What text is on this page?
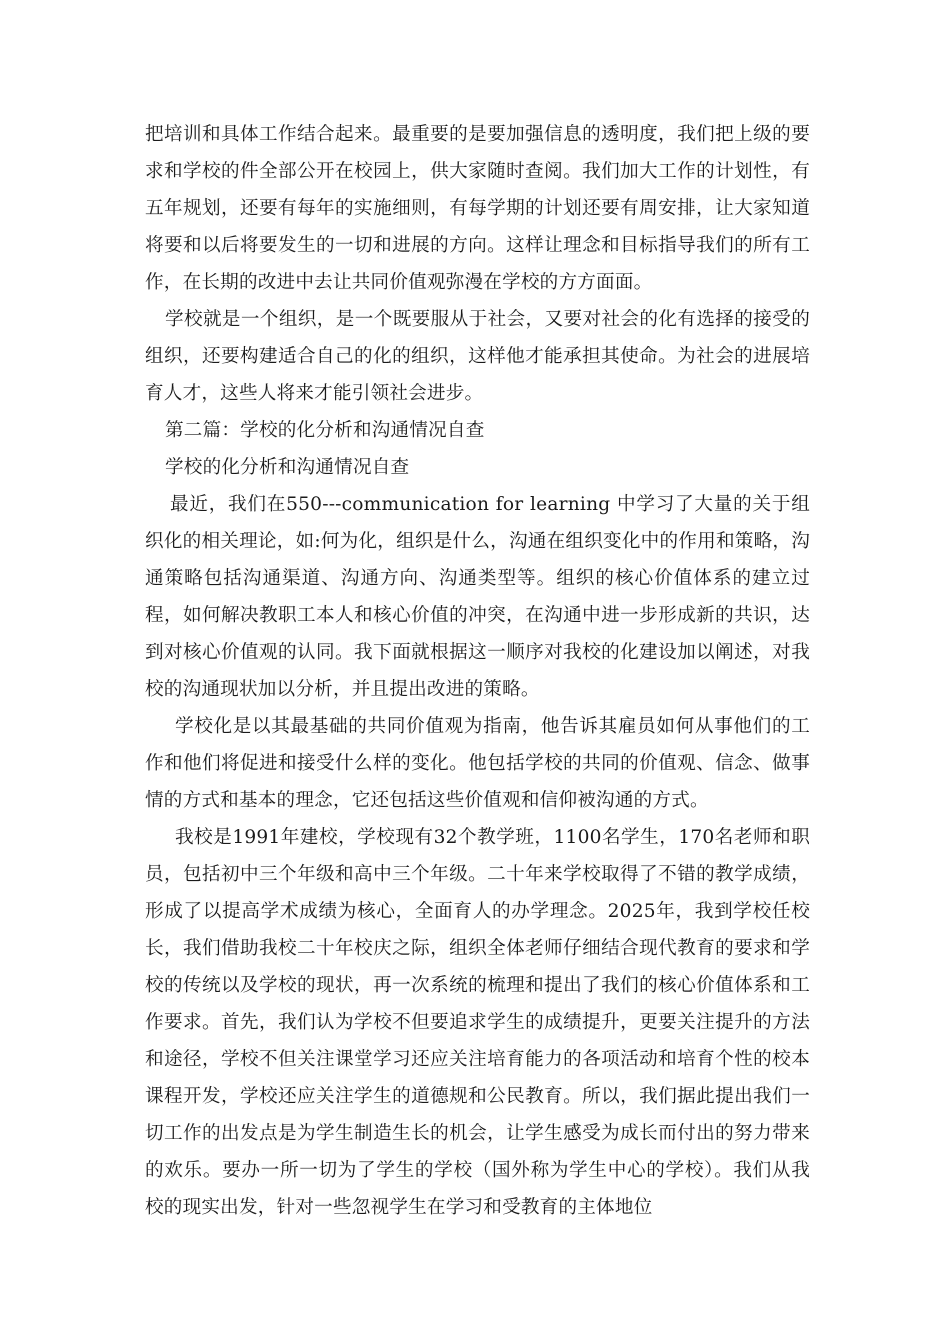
把培训和具体工作结合起来。最重要的是要加强信息的透明度，我们把上级的要求和学校的件全部公开在校园上，供大家随时查阅。我们加大工作的计划性，有五年规划，还要有每年的实施细则，有每学期的计划还要有周安排，让大家知道将要和以后将要发生的一切和进展的方向。这样让理念和目标指导我们的所有工作，在长期的改进中去让共同价值观弥漫在学校的方方面面。

学校就是一个组织，是一个既要服从于社会，又要对社会的化有选择的接受的组织，还要构建适合自己的化的组织，这样他才能承担其使命。为社会的进展培育人才，这些人将来才能引领社会进步。

第二篇：学校的化分析和沟通情况自查

学校的化分析和沟通情况自查

最近，我们在550---communication for learning 中学习了大量的关于组织化的相关理论，如:何为化，组织是什么，沟通在组织变化中的作用和策略，沟通策略包括沟通渠道、沟通方向、沟通类型等。组织的核心价值体系的建立过程，如何解决教职工本人和核心价值的冲突，在沟通中进一步形成新的共识，达到对核心价值观的认同。我下面就根据这一顺序对我校的化建设加以阐述，对我校的沟通现状加以分析，并且提出改进的策略。

学校化是以其最基础的共同价值观为指南，他告诉其雇员如何从事他们的工作和他们将促进和接受什么样的变化。他包括学校的共同的价值观、信念、做事情的方式和基本的理念，它还包括这些价值观和信仰被沟通的方式。

我校是1991年建校，学校现有32个教学班，1100名学生，170名老师和职员，包括初中三个年级和高中三个年级。二十年来学校取得了不错的教学成绩，形成了以提高学术成绩为核心，全面育人的办学理念。2025年，我到学校任校长，我们借助我校二十年校庆之际，组织全体老师仔细结合现代教育的要求和学校的传统以及学校的现状，再一次系统的梳理和提出了我们的核心价值体系和工作要求。首先，我们认为学校不但要追求学生的成绩提升，更要关注提升的方法和途径，学校不但关注课堂学习还应关注培育能力的各项活动和培育个性的校本课程开发，学校还应关注学生的道德规和公民教育。所以，我们据此提出我们一切工作的出发点是为学生制造生长的机会，让学生感受为成长而付出的努力带来的欢乐。要办一所一切为了学生的学校（国外称为学生中心的学校）。我们从我校的现实出发，针对一些忽视学生在学习和受教育的主体地位
